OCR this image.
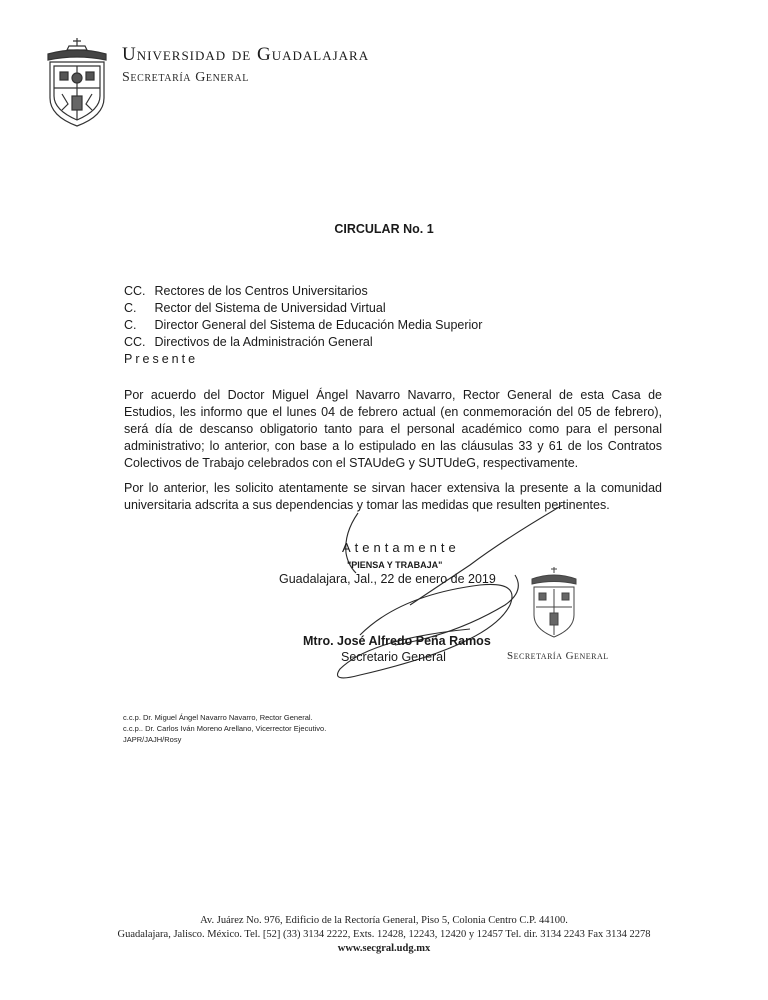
Universidad de Guadalajara
Secretaría General
CIRCULAR No. 1
CC. Rectores de los Centros Universitarios
C. Rector del Sistema de Universidad Virtual
C. Director General del Sistema de Educación Media Superior
CC. Directivos de la Administración General
Presente
Por acuerdo del Doctor Miguel Ángel Navarro Navarro, Rector General de esta Casa de Estudios, les informo que el lunes 04 de febrero actual (en conmemoración del 05 de febrero), será día de descanso obligatorio tanto para el personal académico como para el personal administrativo; lo anterior, con base a lo estipulado en las cláusulas 33 y 61 de los Contratos Colectivos de Trabajo celebrados con el STAUdeG y SUTUdeG, respectivamente.
Por lo anterior, les solicito atentamente se sirvan hacer extensiva la presente a la comunidad universitaria adscrita a sus dependencias y tomar las medidas que resulten pertinentes.
Atentamente
"PIENSA Y TRABAJA"
Guadalajara, Jal., 22 de enero de 2019
Mtro. José Alfredo Peña Ramos
Secretario General	Secretaría General
c.c.p. Dr. Miguel Ángel Navarro Navarro, Rector General.
c.c.p.. Dr. Carlos Iván Moreno Arellano, Vicerrector Ejecutivo.
JAPR/JAJH/Rosy
Av. Juárez No. 976, Edificio de la Rectoría General, Piso 5, Colonia Centro C.P. 44100.
Guadalajara, Jalisco. México. Tel. [52] (33) 3134 2222, Exts. 12428, 12243, 12420 y 12457 Tel. dir. 3134 2243 Fax 3134 2278
www.secgral.udg.mx
